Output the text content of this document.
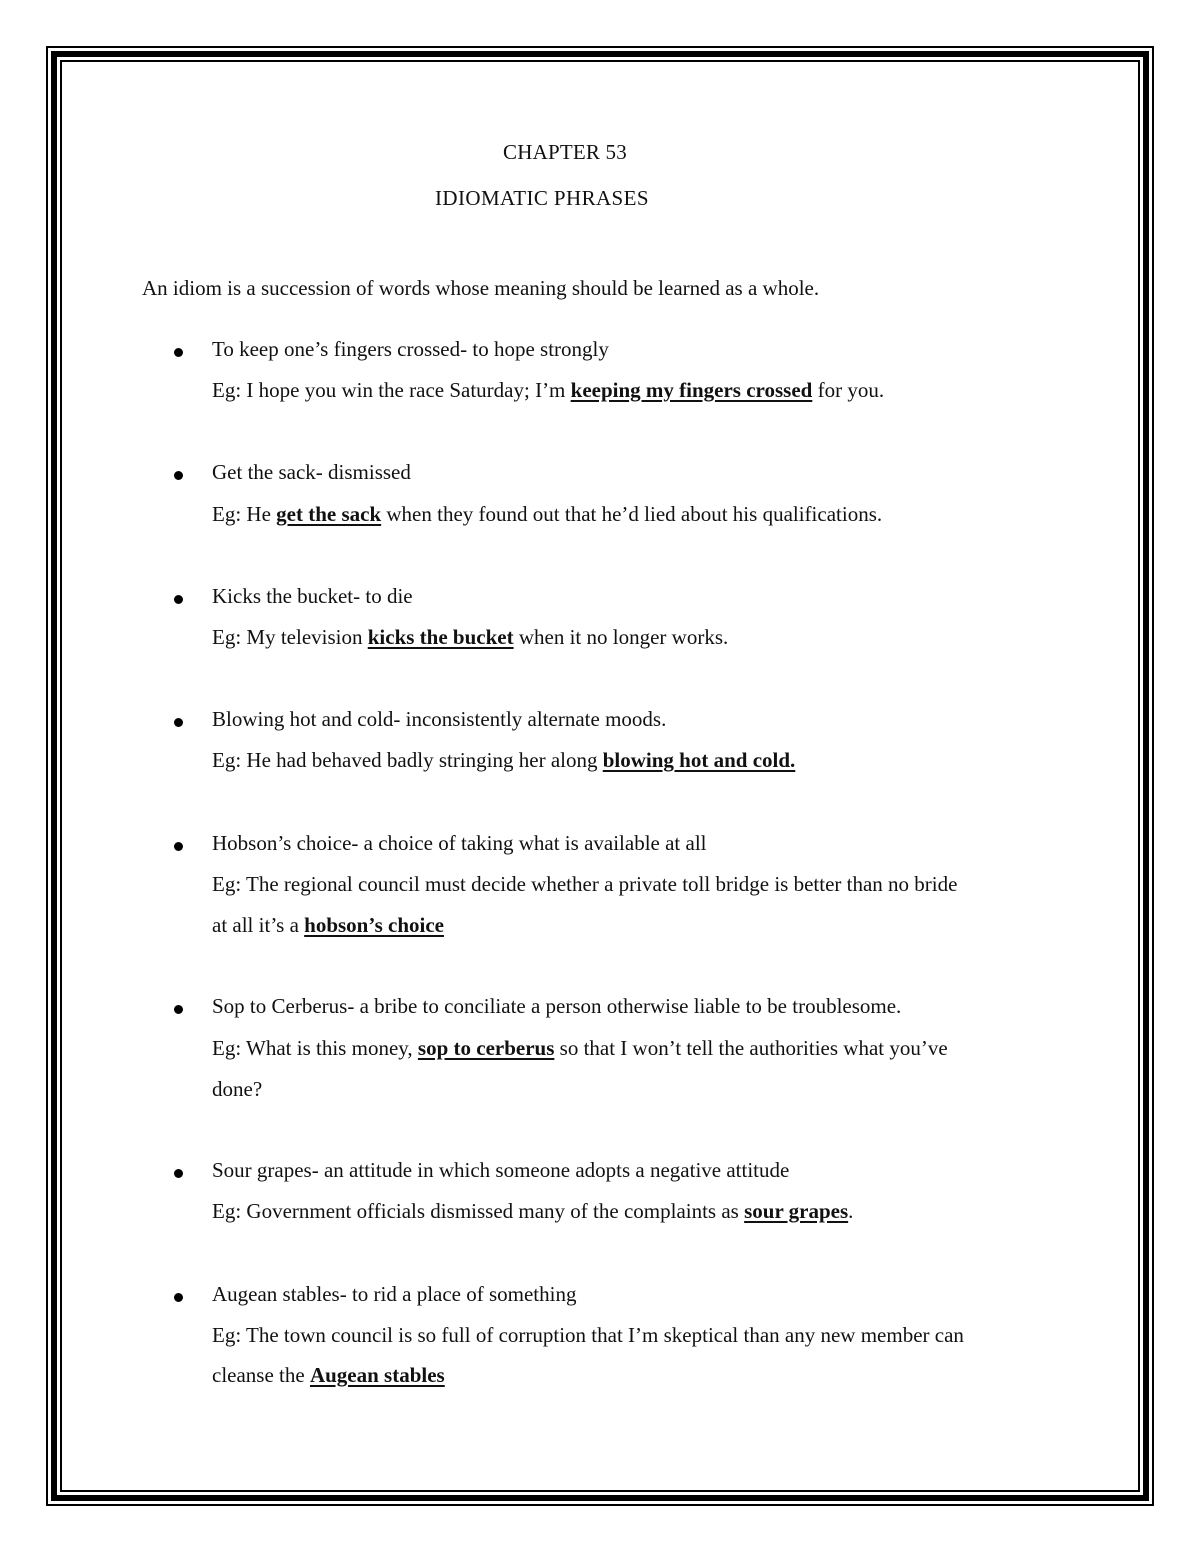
CHAPTER 53
IDIOMATIC PHRASES
An idiom is a succession of words whose meaning should be learned as a whole.
To keep one’s fingers crossed- to hope strongly
Eg: I hope you win the race Saturday; I’m keeping my fingers crossed for you.
Get the sack- dismissed
Eg: He get the sack when they found out that he’d lied about his qualifications.
Kicks the bucket- to die
Eg: My television kicks the bucket when it no longer works.
Blowing hot and cold- inconsistently alternate moods.
Eg: He had behaved badly stringing her along blowing hot and cold.
Hobson’s choice- a choice of taking what is available at all
Eg: The regional council must decide whether a private toll bridge is better than no bride
at all it’s a hobson’s choice
Sop to Cerberus- a bribe to conciliate a person otherwise liable to be troublesome.
Eg: What is this money, sop to cerberus so that I won’t tell the authorities what you’ve
done?
Sour grapes- an attitude in which someone adopts a negative attitude
Eg: Government officials dismissed many of the complaints as sour grapes.
Augean stables- to rid a place of something
Eg: The town council is so full of corruption that I’m skeptical than any new member can
cleanse the Augean stables
